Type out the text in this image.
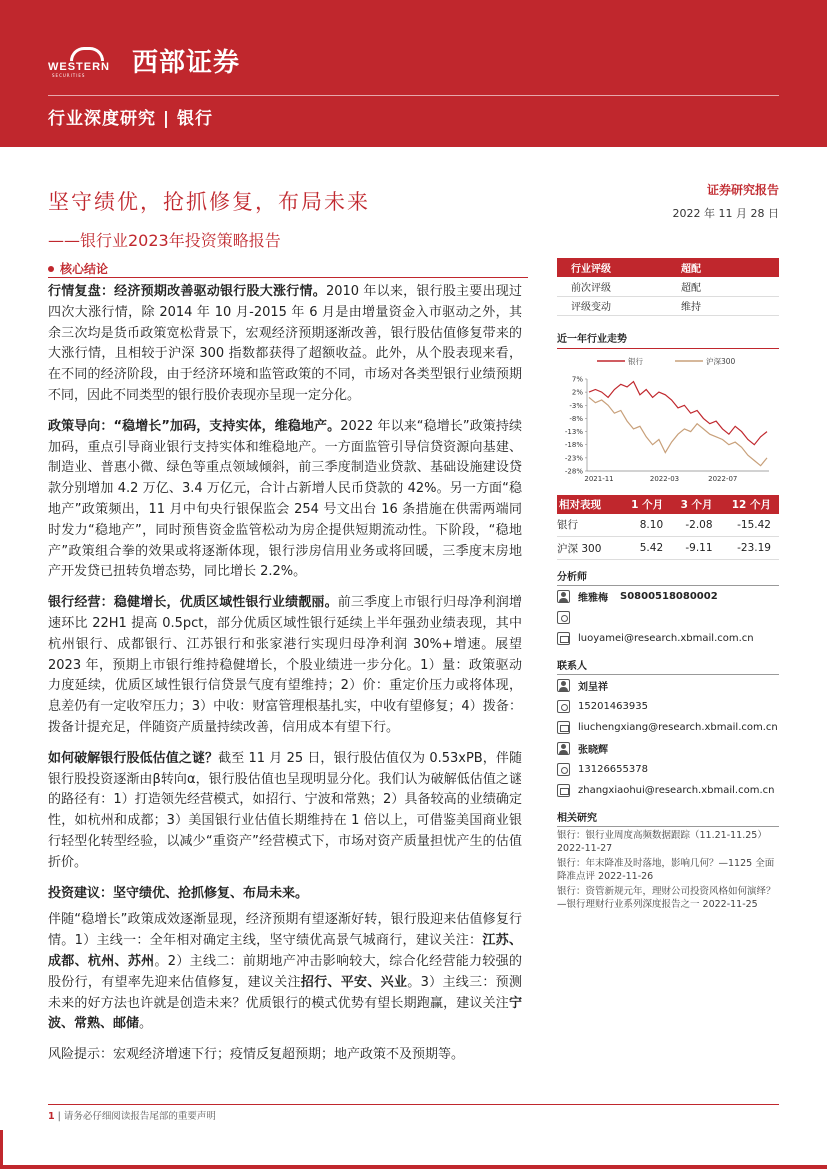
WESTERN
SECURITIES 西部证券
行业深度研究 | 银行
坚守绩优，抢抓修复，布局未来
——银行业2023年投资策略报告
证券研究报告
2022 年 11 月 28 日
核心结论

行情复盘：经济预期改善驱动银行股大涨行情。2010 年以来，银行股主要出现过四次大涨行情，除 2014 年 10 月-2015 年 6 月是由增量资金入市驱动之外，其余三次均是货币政策宽松背景下，宏观经济预期逐渐改善，银行股估值修复带来的大涨行情，且相较于沪深 300 指数都获得了超额收益。此外，从个股表现来看，在不同的经济阶段，由于经济环境和监管政策的不同，市场对各类型银行业绩预期不同，因此不同类型的银行股价表现亦呈现一定分化。

政策导向：“稳增长”加码，支持实体，维稳地产。2022 年以来“稳增长”政策持续加码，重点引导商业银行支持实体和维稳地产。一方面监管引导信贷资源向基建、制造业、普惠小微、绿色等重点领域倾斜，前三季度制造业贷款、基础设施建设贷款分别增加 4.2 万亿、3.4 万亿元，合计占新增人民币贷款的 42%。另一方面“稳地产”政策频出，11 月中旬央行银保监会 254 号文出台 16 条措施在供需两端同时发力“稳地产”，同时预售资金监管松动为房企提供短期流动性。下阶段，“稳地产”政策组合拳的效果或将逐渐体现，银行涉房信用业务或将回暖，三季度末房地产开发贷已扭转负增态势，同比增长 2.2%。

银行经营：稳健增长，优质区域性银行业绩靓丽。前三季度上市银行归母净利润增速环比 22H1 提高 0.5pct，部分优质区域性银行延续上半年强劲业绩表现，其中杭州银行、成都银行、江苏银行和张家港行实现归母净利润 30%+增速。展望 2023 年，预期上市银行维持稳健增长，个股业绩进一步分化。1）量：政策驱动力度延续，优质区域性银行信贷景气度有望维持；2）价：重定价压力或将体现，息差仍有一定收窄压力；3）中收：财富管理根基扎实，中收有望修复；4）拨备：拨备计提充足，伴随资产质量持续改善，信用成本有望下行。

如何破解银行股低估值之谜？截至 11 月 25 日，银行股估值仅为 0.53xPB，伴随银行股投资逐渐由β转向α，银行股估值也呈现明显分化。我们认为破解低估值之谜的路径有：1）打造领先经营模式，如招行、宁波和常熟；2）具备较高的业绩确定性，如杭州和成都；3）美国银行业估值长期维持在 1 倍以上，可借鉴美国商业银行轻型化转型经验，以减少“重资产”经营模式下，市场对资产质量担忧产生的估值折价。

投资建议：坚守绩优、抢抓修复、布局未来。

伴随“稳增长”政策成效逐渐显现，经济预期有望逐渐好转，银行股迎来估值修复行情。1）主线一：全年相对确定主线，坚守绩优高景气城商行，建议关注：江苏、成都、杭州、苏州。2）主线二：前期地产冲击影响较大，综合化经营能力较强的股份行，有望率先迎来估值修复，建议关注招行、平安、兴业。3）主线三：预测未来的好方法也许就是创造未来？优质银行的模式优势有望长期跑赢，建议关注宁波、常熟、邮储。

风险提示：宏观经济增速下行；疫情反复超预期；地产政策不及预期等。

行业评级	超配
前次评级	超配
评级变动	维持
近一年行业走势
银行	沪深300
7%
2%
-3%
-8%
-13%
-18%
-23%
-28%
2021-11	2022-03	2022-07
相对表现	1 个月	3 个月	12 个月
银行	8.10	-2.08	-15.42
沪深 300	5.42	-9.11	-23.19
分析师
维雅梅 S0800518080002
luoyamei@research.xbmail.com.cn
联系人
刘呈祥
15201463935
liuchengxiang@research.xbmail.com.cn
张晓辉
13126655378
zhangxiaohui@research.xbmail.com.cn
相关研究

银行：银行业周度高频数据跟踪（11.21-11.25） 2022-11-27

银行：年末降准及时落地，影响几何？—1125 全面降准点评 2022-11-26

银行：资管新规元年，理财公司投资风格如何演绎？—银行理财行业系列深度报告之一 2022-11-25

1 | 请务必仔细阅读报告尾部的重要声明
